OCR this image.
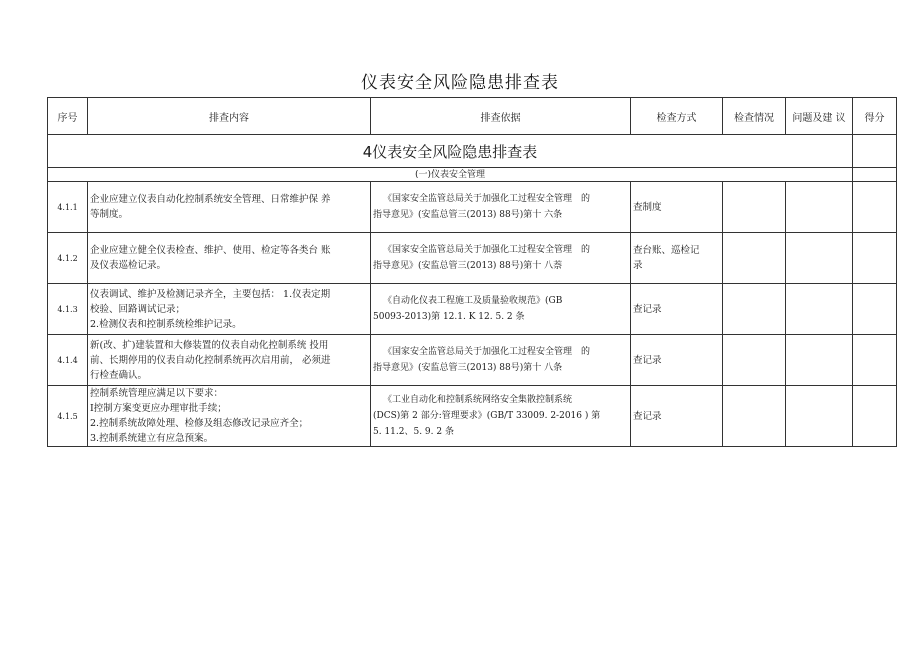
仪表安全风险隐患排查表
序号	排查内容	排查依据	检查方式	检查情况	问题及建 议	得分
4仪表安全风险隐患排查表						
(一)仪表安全管理						
4.1.1	企业应建立仪表自动化控制系统安全管理、日常维护保 养
等制度。	《国家安全监管总局关于加强化工过程安全管理　的
指导意见》(安监总管三(2013) 88号)第十 六条	查制度			

4.1.2	企业应建立健全仪表检查、维护、使用、检定等各类台 账
及仪表巡检记录。	《国家安全监管总局关于加强化工过程安全管理　的
指导意见》(安监总管三(2013) 88号)第十 八萘	查台账、巡检记
录			

4.1.3	仪表调试、维护及检测记录齐全，主要包括： 1.仪表定期
校验、回路调试记录；
2.检测仪表和控制系统检维护记录。	《自动化仪表工程施工及质量验收规范》(GB
50093-2013)第 12.1. K 12. 5. 2 条	查记录			

4.1.4	新(改、扩)建装置和大修装置的仪表自动化控制系统 投用
前、长期停用的仪表自动化控制系统再次启用前， 必须进
行检查确认。	《国家安全监管总局关于加强化工过程安全管理　的
指导意见》(安监总管三(2013) 88号)第十 八条	查记录			

4.1.5	控制系统管理应满足以下要求：
Ⅰ控制方案变更应办理审批手续；
2.控制系统故障处理、检修及组态修改记录应齐全；
3.控制系统建立有应急预案。	《工业自动化和控制系统网络安全集散控制系统
(DCS)第 2 部分:管理要求》(GB/T 33009. 2-2016 ) 第
5. 11.2、5. 9. 2 条	查记录			
